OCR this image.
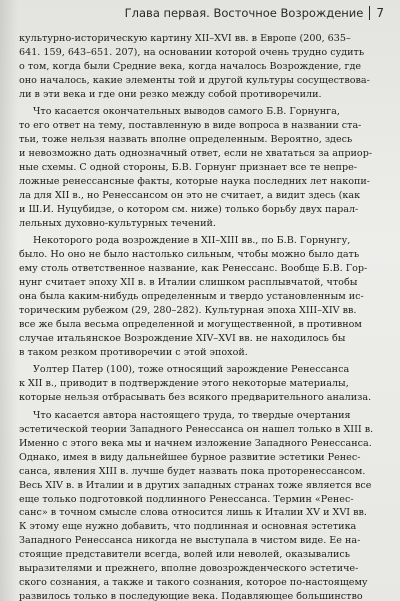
Глава первая. Восточное Возрождение 7

культурно-историческую картину XII–XVI вв. в Европе (200, 635–
641. 159, 643–651. 207), на основании которой очень трудно судить
о том, когда были Средние века, когда началось Возрождение, где
оно началось, какие элементы той и другой культуры сосуществова-
ли в эти века и где они резко между собой противоречили.

Что касается окончательных выводов самого Б.В. Горнунга,
то его ответ на тему, поставленную в виде вопроса в названии ста-
тьи, тоже нельзя назвать вполне определенным. Вероятно, здесь
и невозможно дать однозначный ответ, если не хвататься за априор-
ные схемы. С одной стороны, Б.В. Горнунг признает все те непре-
ложные ренессансные факты, которые наука последних лет накопи-
ла для XII в., но Ренессансом он это не считает, а видит здесь (как
и Ш.И. Нуцубидзе, о котором см. ниже) только борьбу двух парал-
лельных духовно-культурных течений.

Некоторого рода возрождение в XII–XIII вв., по Б.В. Горнунгу,
было. Но оно не было настолько сильным, чтобы можно было дать
ему столь ответственное название, как Ренессанс. Вообще Б.В. Гор-
нунг считает эпоху XII в. в Италии слишком расплывчатой, чтобы
она была каким-нибудь определенным и твердо установленным ис-
торическим рубежом (29, 280–282). Культурная эпоха XIII–XIV вв.
все же была весьма определенной и могущественной, в противном
случае итальянское Возрождение XIV–XVI вв. не находилось бы
в таком резком противоречии с этой эпохой.

Уолтер Патер (100), тоже относящий зарождение Ренессанса
к XII в., приводит в подтверждение этого некоторые материалы,
которые нельзя отбрасывать без всякого предварительного анализа.

Что касается автора настоящего труда, то твердые очертания
эстетической теории Западного Ренессанса он нашел только в XIII в.
Именно с этого века мы и начнем изложение Западного Ренессанса.
Однако, имея в виду дальнейшее бурное развитие эстетики Ренес-
санса, явления XIII в. лучше будет назвать пока проторенессансом.
Весь XIV в. в Италии и в других западных странах тоже является все
еще только подготовкой подлинного Ренессанса. Термин «Ренес-
санс» в точном смысле слова относится лишь к Италии XV и XVI вв.
К этому еще нужно добавить, что подлинная и основная эстетика
Западного Ренессанса никогда не выступала в чистом виде. Ее на-
стоящие представители всегда, волей или неволей, оказывались
выразителями и прежнего, вполне довозрожденческого эстетиче-
ского сознания, а также и такого сознания, которое по-настоящему
развилось только в последующие века. Подавляющее большинство
